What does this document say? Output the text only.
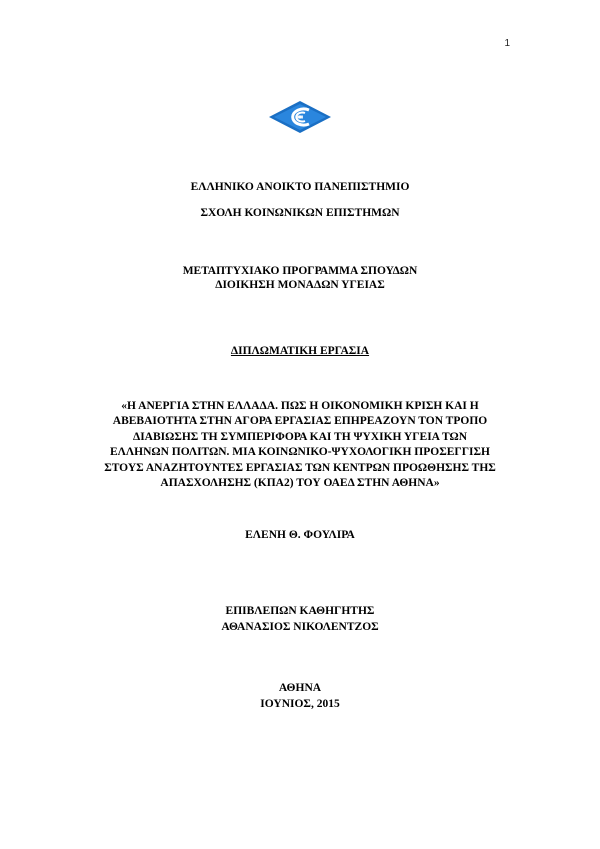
1
ΕΛΛΗΝΙΚΟ ΑΝΟΙΚΤΟ ΠΑΝΕΠΙΣΤΗΜΙΟ
ΣΧΟΛΗ ΚΟΙΝΩΝΙΚΩΝ ΕΠΙΣΤΗΜΩΝ
ΜΕΤΑΠΤΥΧΙΑΚΟ ΠΡΟΓΡΑΜΜΑ ΣΠΟΥΔΩΝ
ΔΙΟΙΚΗΣΗ ΜΟΝΑΔΩΝ ΥΓΕΙΑΣ
ΔΙΠΛΩΜΑΤΙΚΗ ΕΡΓΑΣΙΑ
«Η ΑΝΕΡΓΙΑ ΣΤΗΝ ΕΛΛΑΔΑ. ΠΩΣ Η ΟΙΚΟΝΟΜΙΚΗ ΚΡΙΣΗ ΚΑΙ Η
ΑΒΕΒΑΙΟΤΗΤΑ ΣΤΗΝ ΑΓΟΡΑ ΕΡΓΑΣΙΑΣ ΕΠΗΡΕΑΖΟΥΝ ΤΟΝ ΤΡΟΠΟ
ΔΙΑΒΙΩΣΗΣ ΤΗ ΣΥΜΠΕΡΙΦΟΡΑ ΚΑΙ ΤΗ ΨΥΧΙΚΗ ΥΓΕΙΑ ΤΩΝ
ΕΛΛΗΝΩΝ ΠΟΛΙΤΩΝ. ΜΙΑ ΚΟΙΝΩΝΙΚΟ-ΨΥΧΟΛΟΓΙΚΗ ΠΡΟΣΕΓΓΙΣΗ
ΣΤΟΥΣ ΑΝΑΖΗΤΟΥΝΤΕΣ ΕΡΓΑΣΙΑΣ ΤΩΝ ΚΕΝΤΡΩΝ ΠΡΟΩΘΗΣΗΣ ΤΗΣ
ΑΠΑΣΧΟΛΗΣΗΣ (ΚΠΑ2) ΤΟΥ ΟΑΕΔ ΣΤΗΝ ΑΘΗΝΑ»
ΕΛΕΝΗ Θ. ΦΟΥΛΙΡΑ
ΕΠΙΒΛΕΠΩΝ ΚΑΘΗΓΗΤΗΣ
ΑΘΑΝΑΣΙΟΣ ΝΙΚΟΛΕΝΤΖΟΣ
ΑΘΗΝΑ
ΙΟΥΝΙΟΣ, 2015
